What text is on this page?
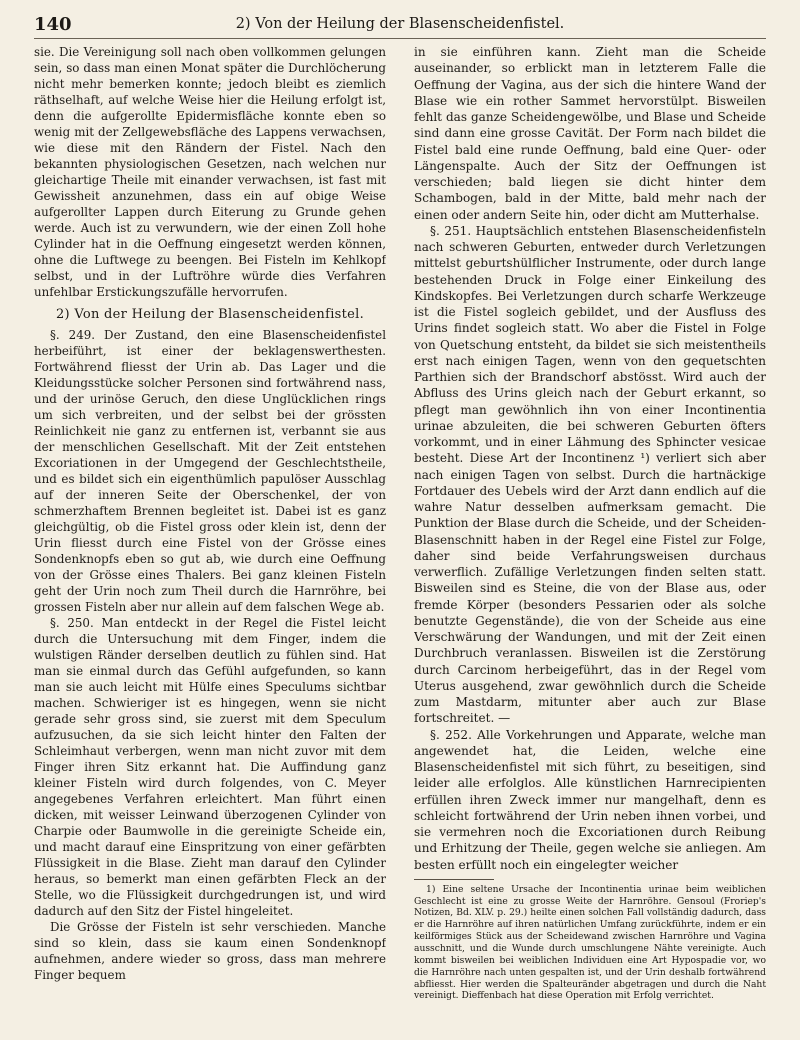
140	2) Von der Heilung der Blasenscheidenfistel.

sie. Die Vereinigung soll nach oben vollkommen gelungen sein, so dass man einen Monat später die Durchlöcherung nicht mehr bemerken konnte; jedoch bleibt es ziemlich räthselhaft, auf welche Weise hier die Heilung erfolgt ist, denn die aufgerollte Epidermisfläche konnte eben so wenig mit der Zellgewebsfläche des Lappens verwachsen, wie diese mit den Rändern der Fistel. Nach den bekannten physiologischen Gesetzen, nach welchen nur gleichartige Theile mit einander verwachsen, ist fast mit Gewissheit anzunehmen, dass ein auf obige Weise aufgerollter Lappen durch Eiterung zu Grunde gehen werde. Auch ist zu verwundern, wie der einen Zoll hohe Cylinder hat in die Oeffnung eingesetzt werden können, ohne die Luftwege zu beengen. Bei Fisteln im Kehlkopf selbst, und in der Luftröhre würde dies Verfahren unfehlbar Erstickungszufälle hervorrufen.

2) Von der Heilung der Blasenscheidenfistel.

§. 249. Der Zustand, den eine Blasenscheidenfistel herbeiführt, ist einer der beklagenswerthesten. Fortwährend fliesst der Urin ab. Das Lager und die Kleidungsstücke solcher Personen sind fortwährend nass, und der urinöse Geruch, den diese Unglücklichen rings um sich verbreiten, und der selbst bei der grössten Reinlichkeit nie ganz zu entfernen ist, verbannt sie aus der menschlichen Gesellschaft. Mit der Zeit entstehen Excoriationen in der Umgegend der Geschlechtstheile, und es bildet sich ein eigenthümlich papulöser Ausschlag auf der inneren Seite der Oberschenkel, der von schmerzhaftem Brennen begleitet ist. Dabei ist es ganz gleichgültig, ob die Fistel gross oder klein ist, denn der Urin fliesst durch eine Fistel von der Grösse eines Sondenknopfs eben so gut ab, wie durch eine Oeffnung von der Grösse eines Thalers. Bei ganz kleinen Fisteln geht der Urin noch zum Theil durch die Harnröhre, bei grossen Fisteln aber nur allein auf dem falschen Wege ab.

§. 250. Man entdeckt in der Regel die Fistel leicht durch die Untersuchung mit dem Finger, indem die wulstigen Ränder derselben deutlich zu fühlen sind. Hat man sie einmal durch das Gefühl aufgefunden, so kann man sie auch leicht mit Hülfe eines Speculums sichtbar machen. Schwieriger ist es hingegen, wenn sie nicht gerade sehr gross sind, sie zuerst mit dem Speculum aufzusuchen, da sie sich leicht hinter den Falten der Schleimhaut verbergen, wenn man nicht zuvor mit dem Finger ihren Sitz erkannt hat. Die Auffindung ganz kleiner Fisteln wird durch folgendes, von C. Meyer angegebenes Verfahren erleichtert. Man führt einen dicken, mit weisser Leinwand überzogenen Cylinder von Charpie oder Baumwolle in die gereinigte Scheide ein, und macht darauf eine Einspritzung von einer gefärbten Flüssigkeit in die Blase. Zieht man darauf den Cylinder heraus, so bemerkt man einen gefärbten Fleck an der Stelle, wo die Flüssigkeit durchgedrungen ist, und wird dadurch auf den Sitz der Fistel hingeleitet.

Die Grösse der Fisteln ist sehr verschieden. Manche sind so klein, dass sie kaum einen Sondenknopf aufnehmen, andere wieder so gross, dass man mehrere Finger bequem

in sie einführen kann. Zieht man die Scheide auseinander, so erblickt man in letzterem Falle die Oeffnung der Vagina, aus der sich die hintere Wand der Blase wie ein rother Sammet hervorstülpt. Bisweilen fehlt das ganze Scheidengewölbe, und Blase und Scheide sind dann eine grosse Cavität. Der Form nach bildet die Fistel bald eine runde Oeffnung, bald eine Quer- oder Längenspalte. Auch der Sitz der Oeffnungen ist verschieden; bald liegen sie dicht hinter dem Schambogen, bald in der Mitte, bald mehr nach der einen oder andern Seite hin, oder dicht am Mutterhalse.

§. 251. Hauptsächlich entstehen Blasenscheidenfisteln nach schweren Geburten, entweder durch Verletzungen mittelst geburtshülflicher Instrumente, oder durch lange bestehenden Druck in Folge einer Einkeilung des Kindskopfes. Bei Verletzungen durch scharfe Werkzeuge ist die Fistel sogleich gebildet, und der Ausfluss des Urins findet sogleich statt. Wo aber die Fistel in Folge von Quetschung entsteht, da bildet sie sich meistentheils erst nach einigen Tagen, wenn von den gequetschten Parthien sich der Brandschorf abstösst. Wird auch der Abfluss des Urins gleich nach der Geburt erkannt, so pflegt man gewöhnlich ihn von einer Incontinentia urinae abzuleiten, die bei schweren Geburten öfters vorkommt, und in einer Lähmung des Sphincter vesicae besteht. Diese Art der Incontinenz ¹) verliert sich aber nach einigen Tagen von selbst. Durch die hartnäckige Fortdauer des Uebels wird der Arzt dann endlich auf die wahre Natur desselben aufmerksam gemacht. Die Punktion der Blase durch die Scheide, und der Scheiden-Blasenschnitt haben in der Regel eine Fistel zur Folge, daher sind beide Verfahrungsweisen durchaus verwerflich. Zufällige Verletzungen finden selten statt. Bisweilen sind es Steine, die von der Blase aus, oder fremde Körper (besonders Pessarien oder als solche benutzte Gegenstände), die von der Scheide aus eine Verschwärung der Wandungen, und mit der Zeit einen Durchbruch veranlassen. Bisweilen ist die Zerstörung durch Carcinom herbeigeführt, das in der Regel vom Uterus ausgehend, zwar gewöhnlich durch die Scheide zum Mastdarm, mitunter aber auch zur Blase fortschreitet. —

§. 252. Alle Vorkehrungen und Apparate, welche man angewendet hat, die Leiden, welche eine Blasenscheidenfistel mit sich führt, zu beseitigen, sind leider alle erfolglos. Alle künstlichen Harnrecipienten erfüllen ihren Zweck immer nur mangelhaft, denn es schleicht fortwährend der Urin neben ihnen vorbei, und sie vermehren noch die Excoriationen durch Reibung und Erhitzung der Theile, gegen welche sie anliegen. Am besten erfüllt noch ein eingelegter weicher

1) Eine seltene Ursache der Incontinentia urinae beim weiblichen Geschlecht ist eine zu grosse Weite der Harnröhre. Gensoul (Froriep's Notizen, Bd. XLV. p. 29.) heilte einen solchen Fall vollständig dadurch, dass er die Harnröhre auf ihren natürlichen Umfang zurückführte, indem er ein keilförmiges Stück aus der Scheidewand zwischen Harnröhre und Vagina ausschnitt, und die Wunde durch umschlungene Nähte vereinigte. Auch kommt bisweilen bei weiblichen Individuen eine Art Hypospadie vor, wo die Harnröhre nach unten gespalten ist, und der Urin deshalb fortwährend abfliesst. Hier werden die Spalteuränder abgetragen und durch die Naht vereinigt. Dieffenbach hat diese Operation mit Erfolg verrichtet.
